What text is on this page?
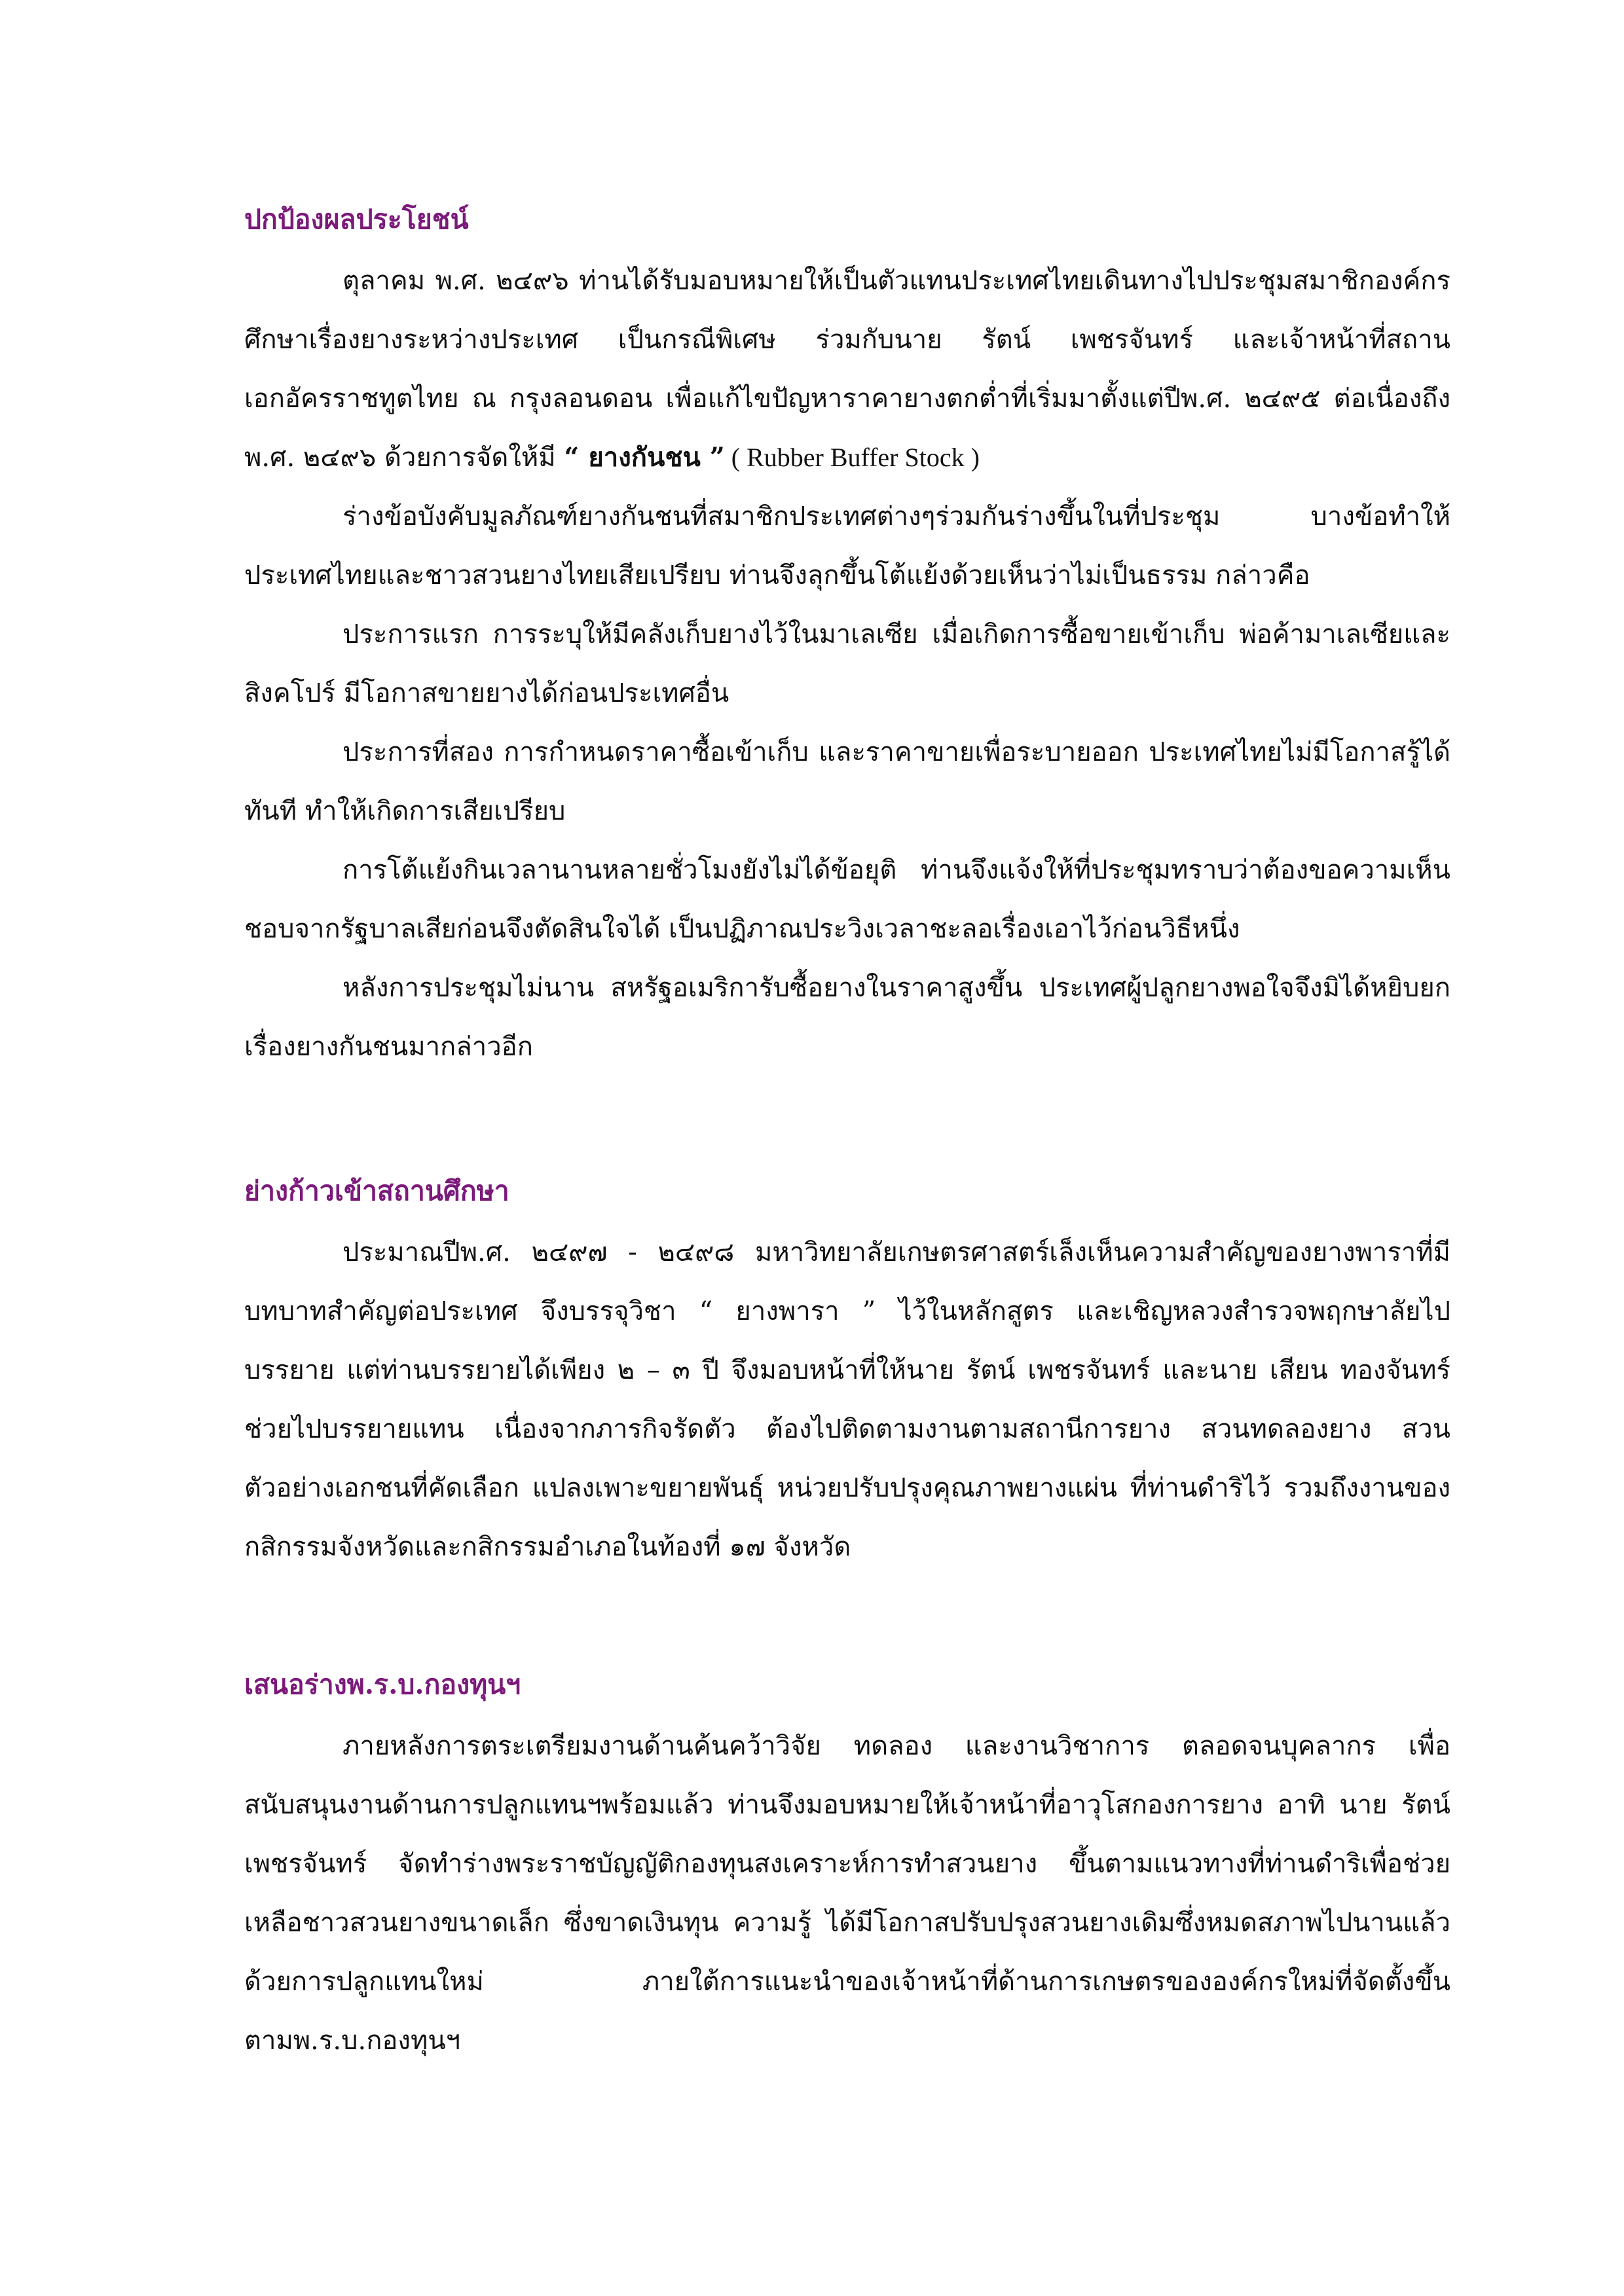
ปกป้องผลประโยชน์

ตุลาคม พ.ศ. ๒๔๙๖ ท่านได้รับมอบหมายให้เป็นตัวแทนประเทศไทยเดินทางไปประชุมสมาชิกองค์กรศึกษาเรื่องยางระหว่างประเทศ เป็นกรณีพิเศษ ร่วมกับนาย รัตน์ เพชรจันทร์ และเจ้าหน้าที่สถานเอกอัครราชทูตไทย ณ กรุงลอนดอน เพื่อแก้ไขปัญหาราคายางตกต่ำที่เริ่มมาตั้งแต่ปีพ.ศ. ๒๔๙๕ ต่อเนื่องถึงพ.ศ. ๒๔๙๖ ด้วยการจัดให้มี “ ยางกันชน ” ( Rubber Buffer Stock )

ร่างข้อบังคับมูลภัณฑ์ยางกันชนที่สมาชิกประเทศต่างๆร่วมกันร่างขึ้นในที่ประชุม บางข้อทำให้ประเทศไทยและชาวสวนยางไทยเสียเปรียบ ท่านจึงลุกขึ้นโต้แย้งด้วยเห็นว่าไม่เป็นธรรม กล่าวคือ

ประการแรก การระบุให้มีคลังเก็บยางไว้ในมาเลเซีย เมื่อเกิดการซื้อขายเข้าเก็บ พ่อค้ามาเลเซียและสิงคโปร์ มีโอกาสขายยางได้ก่อนประเทศอื่น

ประการที่สอง การกำหนดราคาซื้อเข้าเก็บ และราคาขายเพื่อระบายออก ประเทศไทยไม่มีโอกาสรู้ได้ทันที ทำให้เกิดการเสียเปรียบ

การโต้แย้งกินเวลานานหลายชั่วโมงยังไม่ได้ข้อยุติ ท่านจึงแจ้งให้ที่ประชุมทราบว่าต้องขอความเห็นชอบจากรัฐบาลเสียก่อนจึงตัดสินใจได้ เป็นปฏิภาณประวิงเวลาชะลอเรื่องเอาไว้ก่อนวิธีหนึ่ง

หลังการประชุมไม่นาน สหรัฐอเมริการับซื้อยางในราคาสูงขึ้น ประเทศผู้ปลูกยางพอใจจึงมิได้หยิบยกเรื่องยางกันชนมากล่าวอีก

ย่างก้าวเข้าสถานศึกษา

ประมาณปีพ.ศ. ๒๔๙๗ - ๒๔๙๘ มหาวิทยาลัยเกษตรศาสตร์เล็งเห็นความสำคัญของยางพาราที่มีบทบาทสำคัญต่อประเทศ จึงบรรจุวิชา “ ยางพารา ” ไว้ในหลักสูตร และเชิญหลวงสำรวจพฤกษาลัยไปบรรยาย แต่ท่านบรรยายได้เพียง ๒ – ๓ ปี จึงมอบหน้าที่ให้นาย รัตน์ เพชรจันทร์ และนาย เสียน ทองจันทร์ ช่วยไปบรรยายแทน เนื่องจากภารกิจรัดตัว ต้องไปติดตามงานตามสถานีการยาง สวนทดลองยาง สวนตัวอย่างเอกชนที่คัดเลือก แปลงเพาะขยายพันธุ์ หน่วยปรับปรุงคุณภาพยางแผ่น ที่ท่านดำริไว้ รวมถึงงานของกสิกรรมจังหวัดและกสิกรรมอำเภอในท้องที่ ๑๗ จังหวัด

เสนอร่างพ.ร.บ.กองทุนฯ

ภายหลังการตระเตรียมงานด้านค้นคว้าวิจัย ทดลอง และงานวิชาการ ตลอดจนบุคลากร เพื่อสนับสนุนงานด้านการปลูกแทนฯพร้อมแล้ว ท่านจึงมอบหมายให้เจ้าหน้าที่อาวุโสกองการยาง อาทิ นาย รัตน์ เพชรจันทร์ จัดทำร่างพระราชบัญญัติกองทุนสงเคราะห์การทำสวนยาง ขึ้นตามแนวทางที่ท่านดำริเพื่อช่วยเหลือชาวสวนยางขนาดเล็ก ซึ่งขาดเงินทุน ความรู้ ได้มีโอกาสปรับปรุงสวนยางเดิมซึ่งหมดสภาพไปนานแล้ว ด้วยการปลูกแทนใหม่ ภายใต้การแนะนำของเจ้าหน้าที่ด้านการเกษตรขององค์กรใหม่ที่จัดตั้งขึ้นตามพ.ร.บ.กองทุนฯ
